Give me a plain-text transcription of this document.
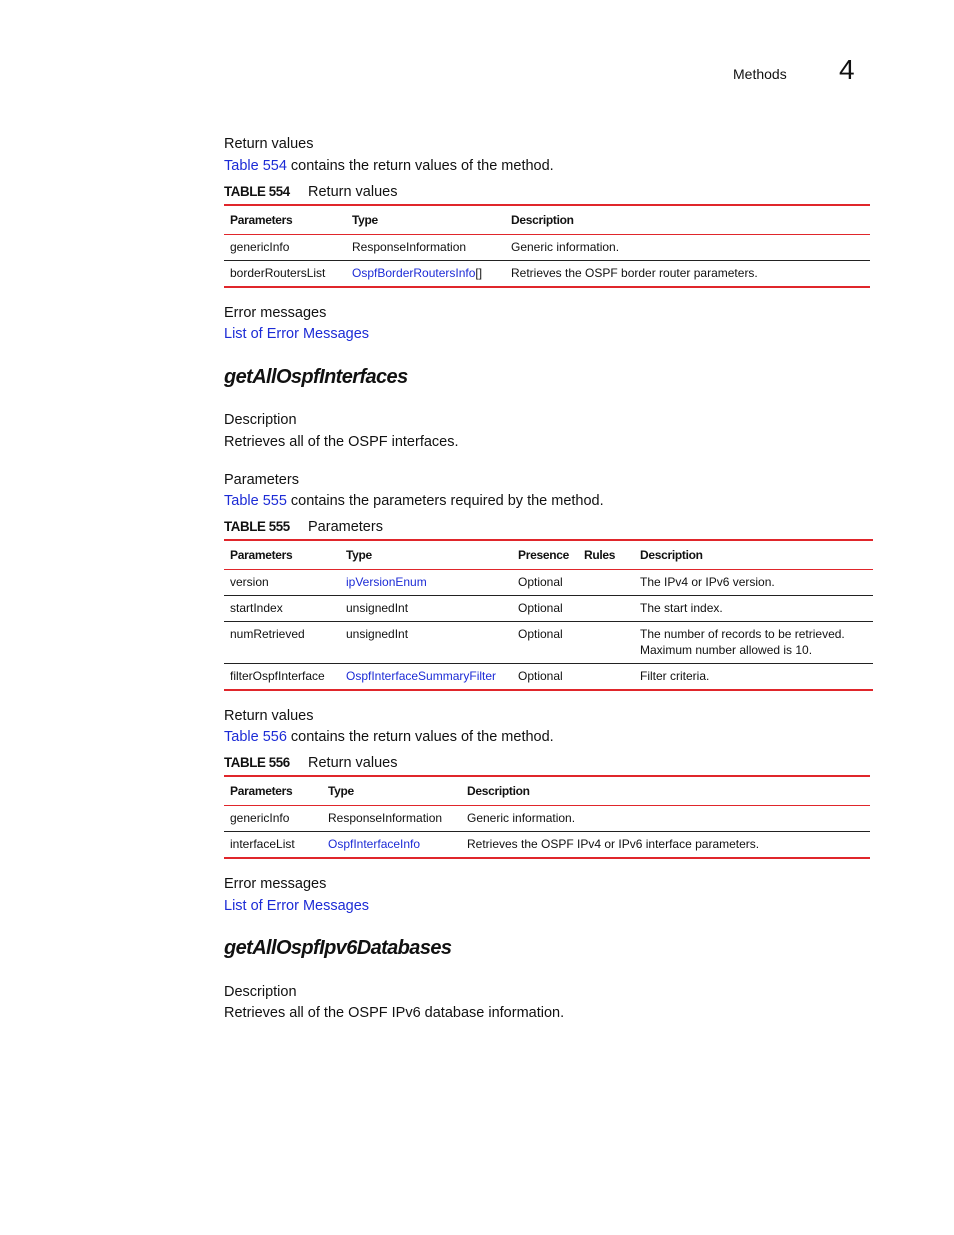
Methods 4
Return values
Table 554 contains the return values of the method.
TABLE 554 Return values
Parameters	Type	Description
genericInfo	ResponseInformation	Generic information.
borderRoutersList	OspfBorderRoutersInfo[]	Retrieves the OSPF border router parameters.
Error messages
List of Error Messages
getAllOspfInterfaces
Description
Retrieves all of the OSPF interfaces.
Parameters
Table 555 contains the parameters required by the method.
TABLE 555 Parameters
Parameters	Type	Presence	Rules	Description
version	ipVersionEnum	Optional		The IPv4 or IPv6 version.
startIndex	unsignedInt	Optional		The start index.
numRetrieved	unsignedInt	Optional		The number of records to be retrieved.
Maximum number allowed is 10.

filterOspfInterface	OspfInterfaceSummaryFilter	Optional		Filter criteria.
Return values
Table 556 contains the return values of the method.
TABLE 556 Return values
Parameters	Type	Description
genericInfo	ResponseInformation	Generic information.
interfaceList	OspfInterfaceInfo	Retrieves the OSPF IPv4 or IPv6 interface parameters.
Error messages
List of Error Messages
getAllOspfIpv6Databases
Description
Retrieves all of the OSPF IPv6 database information.
